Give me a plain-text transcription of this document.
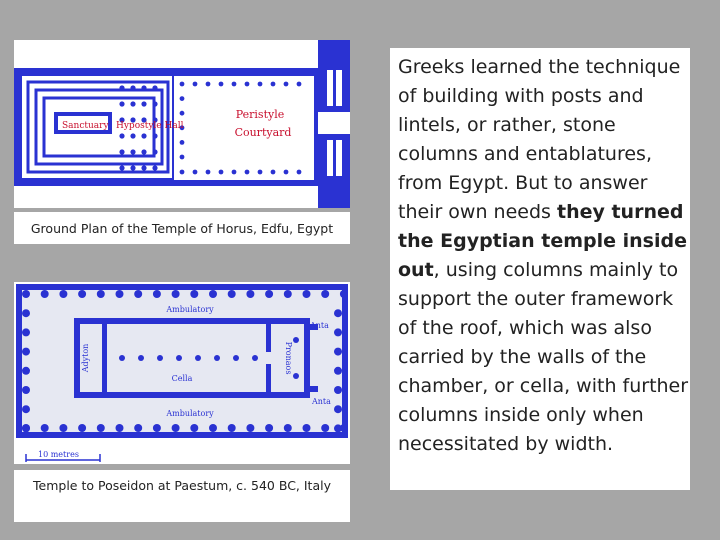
Sanctuary Hypostyle Hall
Peristyle
Courtyard
Ground Plan of the Temple of Horus, Edfu, Egypt
Ambulatory
Ambulatory
Anta
Anta
Adyton	Pronaos
Cella
10 metres
Temple to Poseidon at Paestum, c. 540 BC, Italy
Greeks learned the technique of building with posts and lintels, or rather, stone columns and entablatures, from Egypt. But to answer their own needs they turned the Egyptian temple inside out, using columns mainly to support the outer framework of the roof, which was also carried by the walls of the chamber, or cella, with further columns inside only when necessitated by width.
